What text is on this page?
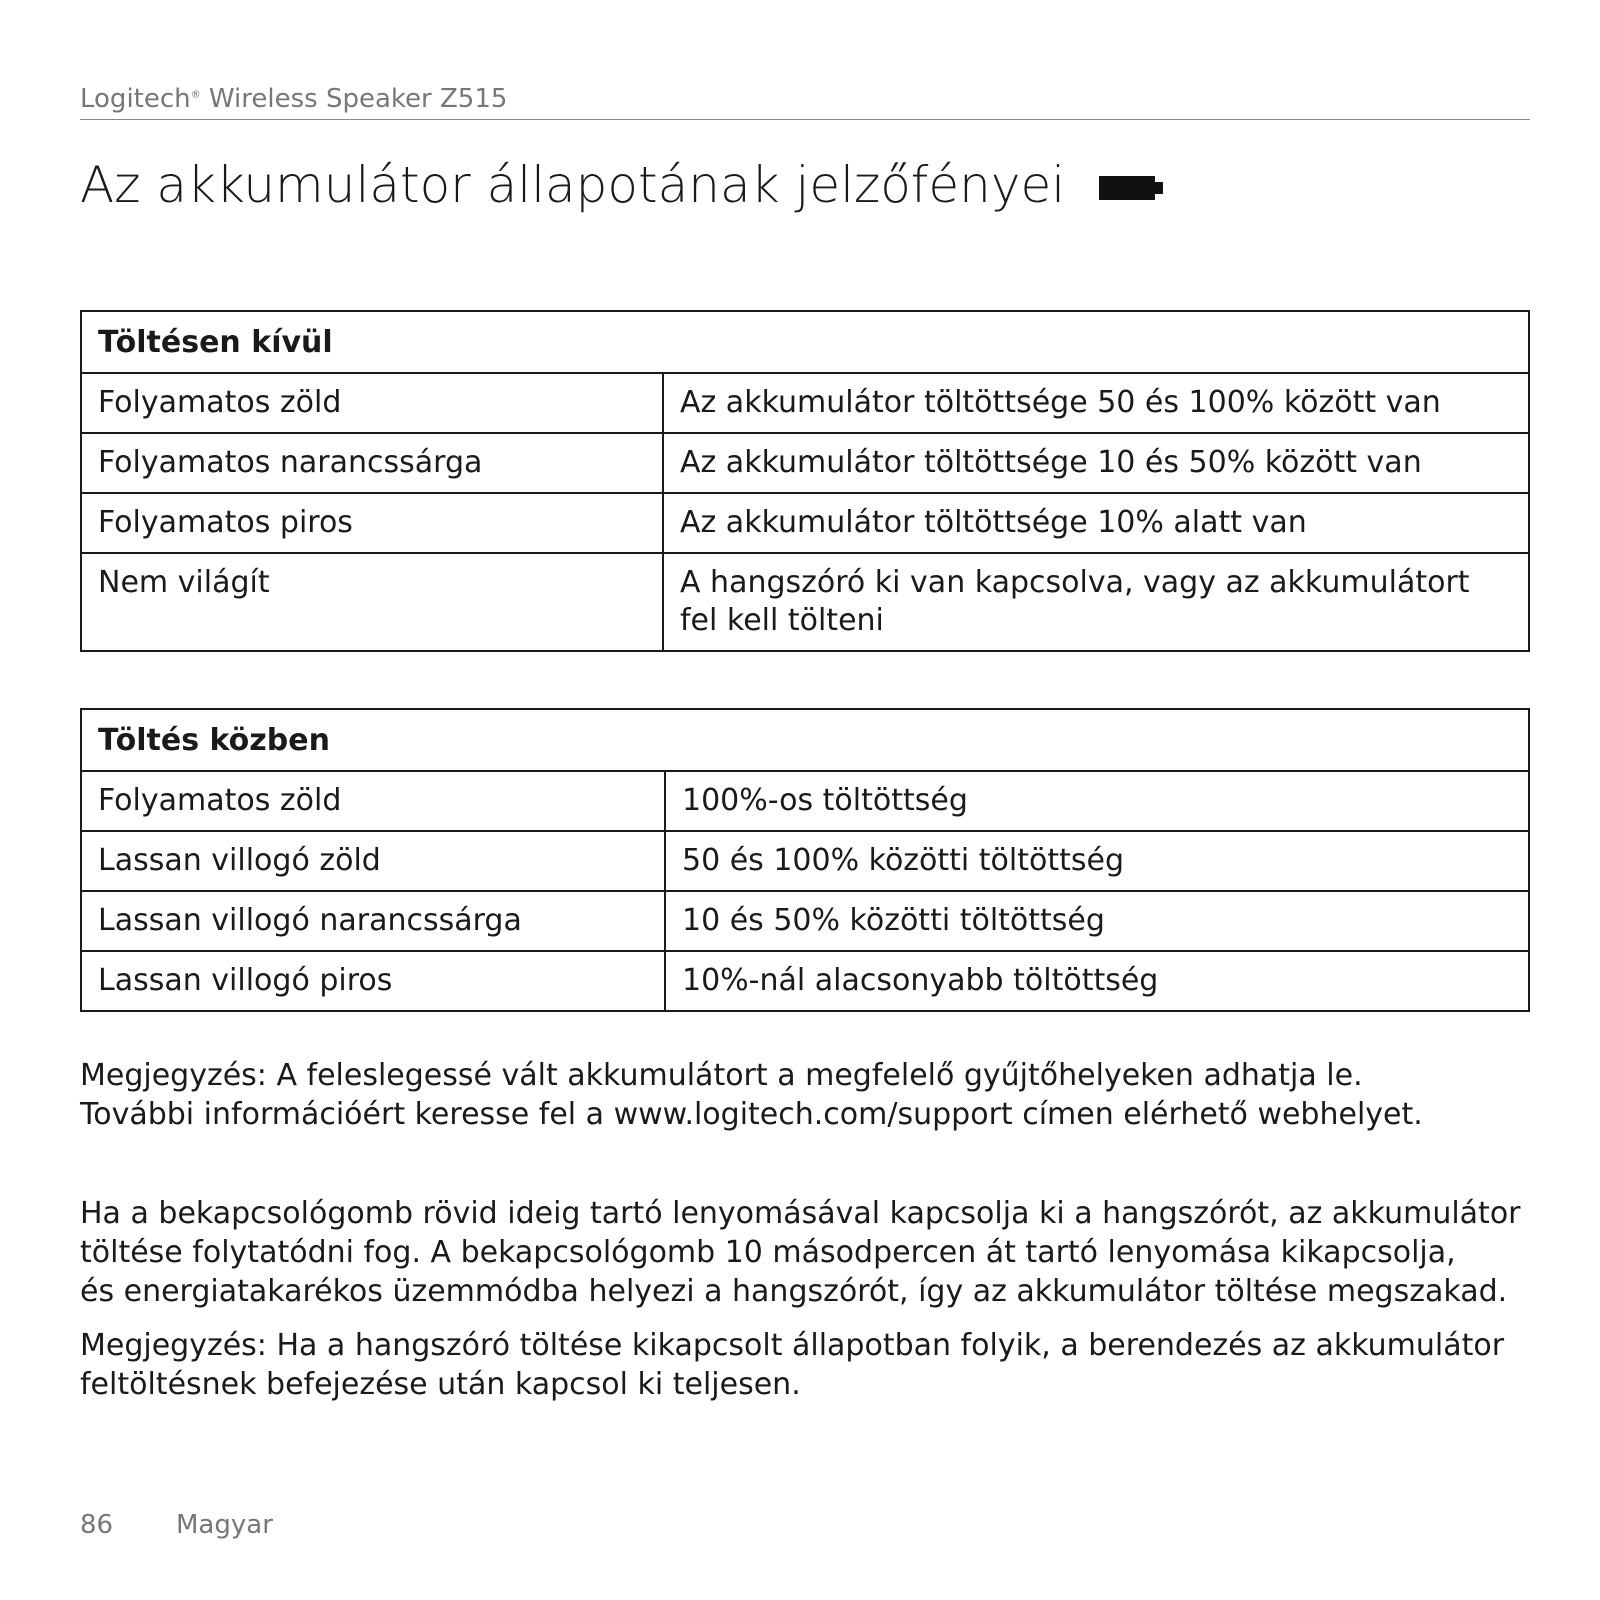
Logitech® Wireless Speaker Z515
Az akkumulátor állapotának jelzőfényei
Töltésen kívül	
Folyamatos zöld	Az akkumulátor töltöttsége 50 és 100% között van

Folyamatos narancssárga	Az akkumulátor töltöttsége 10 és 50% között van

Folyamatos piros	Az akkumulátor töltöttsége 10% alatt van

Nem világít	A hangszóró ki van kapcsolva, vagy az akkumulátort
fel kell tölteni
Töltés közben	
Folyamatos zöld	100%-os töltöttség

Lassan villogó zöld	50 és 100% közötti töltöttség

Lassan villogó narancssárga	10 és 50% közötti töltöttség

Lassan villogó piros	10%-nál alacsonyabb töltöttség

Megjegyzés: A feleslegessé vált akkumulátort a megfelelő gyűjtőhelyeken adhatja le.
További információért keresse fel a www.logitech.com/support címen elérhető webhelyet.

Ha a bekapcsológomb rövid ideig tartó lenyomásával kapcsolja ki a hangszórót, az akkumulátor
töltése folytatódni fog. A bekapcsológomb 10 másodpercen át tartó lenyomása kikapcsolja,
és energiatakarékos üzemmódba helyezi a hangszórót, így az akkumulátor töltése megszakad.

Megjegyzés: Ha a hangszóró töltése kikapcsolt állapotban folyik, a berendezés az akkumulátor
feltöltésnek befejezése után kapcsol ki teljesen.

86 Magyar
